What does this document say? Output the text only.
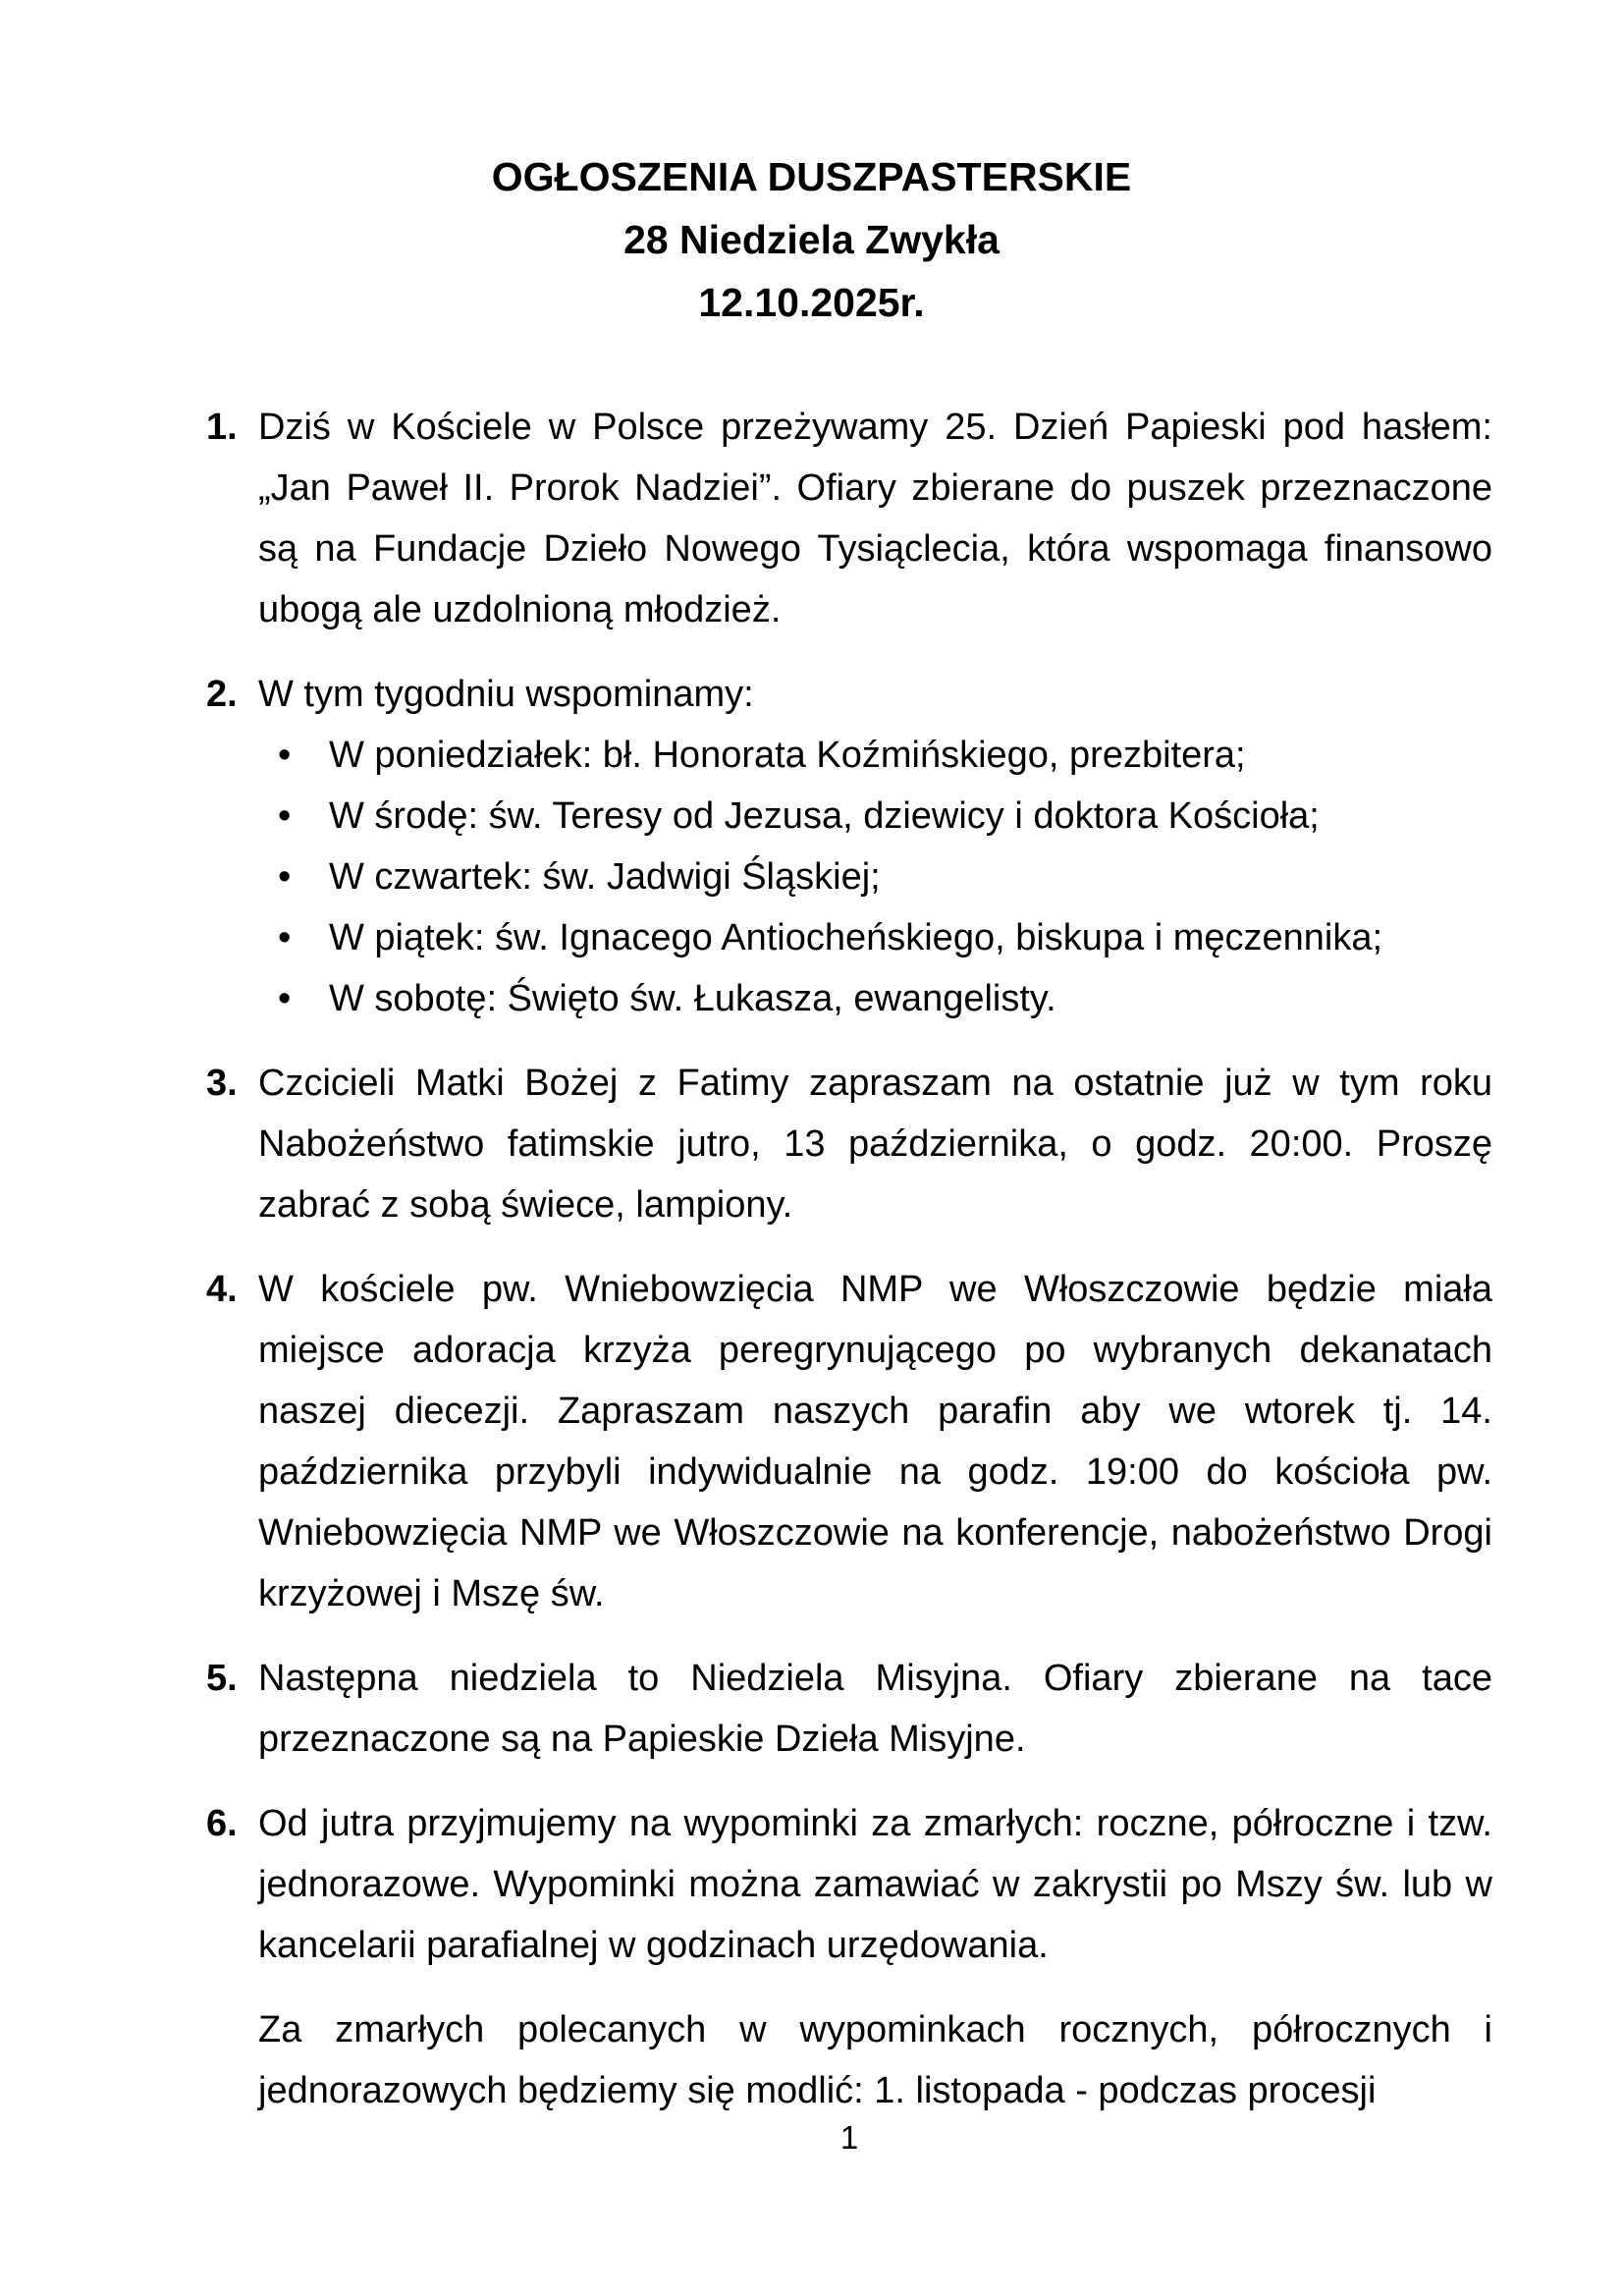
OGŁOSZENIA DUSZPASTERSKIE
28 Niedziela Zwykła
12.10.2025r.
1. Dziś w Kościele w Polsce przeżywamy 25. Dzień Papieski pod hasłem: „Jan Paweł II. Prorok Nadziei”. Ofiary zbierane do puszek przeznaczone są na Fundacje Dzieło Nowego Tysiąclecia, która wspomaga finansowo ubogą ale uzdolnioną młodzież.
2. W tym tygodniu wspominamy:
• W poniedziałek: bł. Honorata Koźmińskiego, prezbitera;
• W środę: św. Teresy od Jezusa, dziewicy i doktora Kościoła;
• W czwartek: św. Jadwigi Śląskiej;
• W piątek: św. Ignacego Antiocheńskiego, biskupa i męczennika;
• W sobotę: Święto św. Łukasza, ewangelisty.
3. Czcicieli Matki Bożej z Fatimy zapraszam na ostatnie już w tym roku Nabożeństwo fatimskie jutro, 13 października, o godz. 20:00. Proszę zabrać z sobą świece, lampiony.
4. W kościele pw. Wniebowzięcia NMP we Włoszczowie będzie miała miejsce adoracja krzyża peregrynującego po wybranych dekanatach naszej diecezji. Zapraszam naszych parafin aby we wtorek tj. 14. października przybyli indywidualnie na godz. 19:00 do kościoła pw. Wniebowzięcia NMP we Włoszczowie na konferencje, nabożeństwo Drogi krzyżowej i Mszę św.
5. Następna niedziela to Niedziela Misyjna. Ofiary zbierane na tace przeznaczone są na Papieskie Dzieła Misyjne.
6. Od jutra przyjmujemy na wypominki za zmarłych: roczne, półroczne i tzw. jednorazowe. Wypominki można zamawiać w zakrystii po Mszy św. lub w kancelarii parafialnej w godzinach urzędowania.
Za zmarłych polecanych w wypominkach rocznych, półrocznych i jednorazowych będziemy się modlić: 1. listopada - podczas procesji
1
